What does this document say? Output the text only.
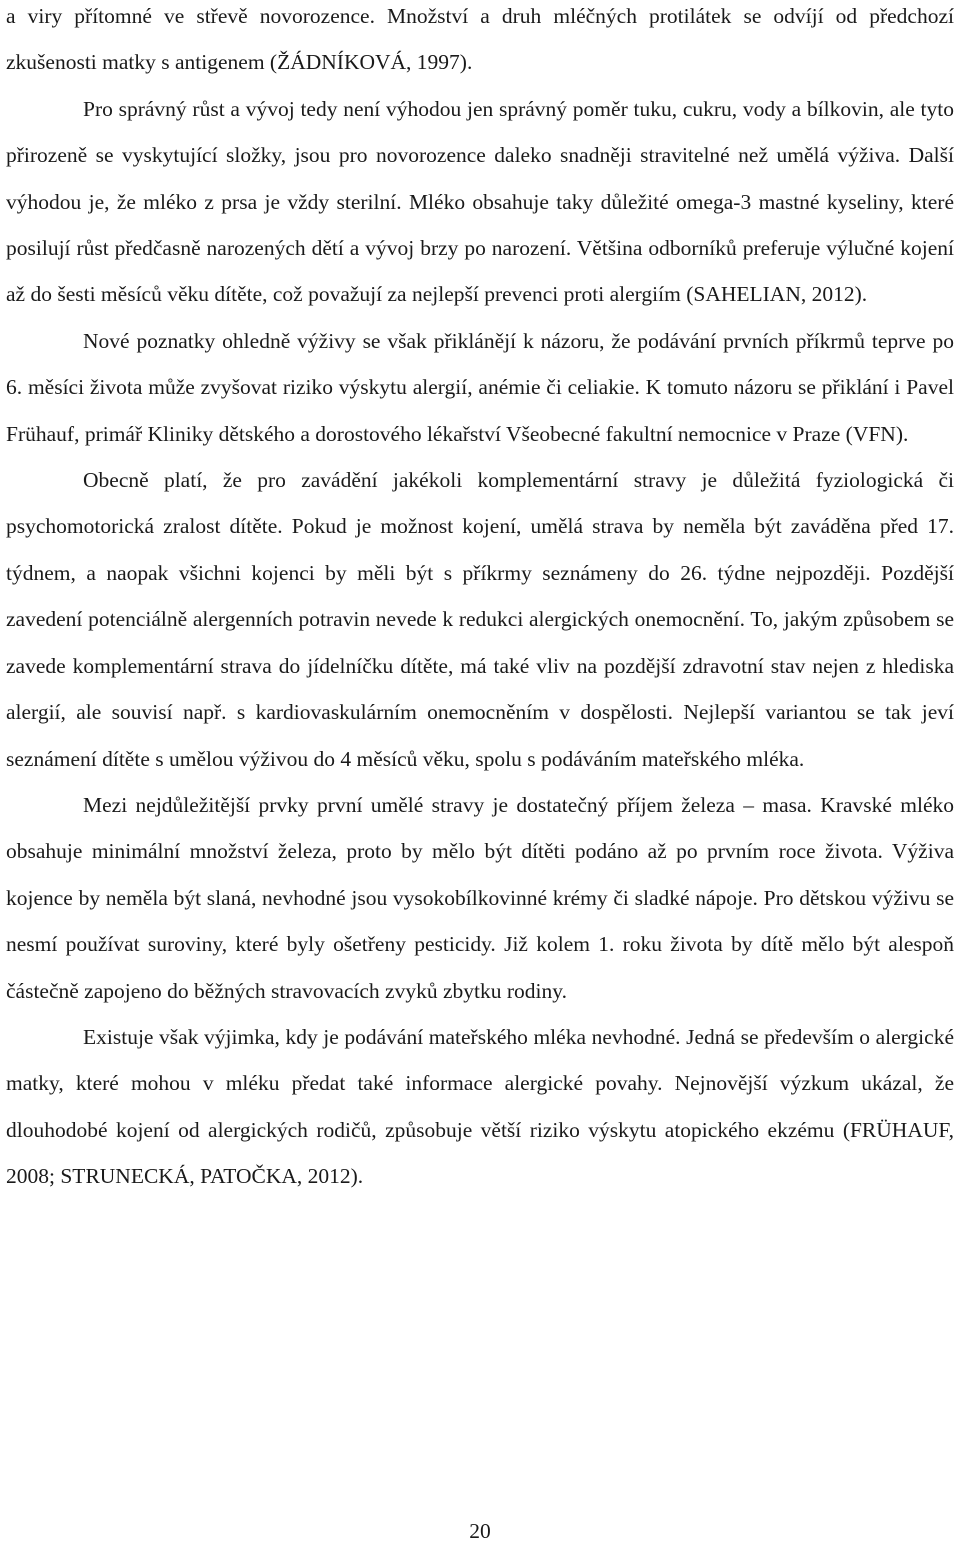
a viry přítomné ve střevě novorozence. Množství a druh mléčných protilátek se odvíjí od předchozí zkušenosti matky s antigenem (ŽÁDNÍKOVÁ, 1997).

Pro správný růst a vývoj tedy není výhodou jen správný poměr tuku, cukru, vody a bílkovin, ale tyto přirozeně se vyskytující složky, jsou pro novorozence daleko snadněji stravitelné než umělá výživa. Další výhodou je, že mléko z prsa je vždy sterilní. Mléko obsahuje taky důležité omega-3 mastné kyseliny, které posilují růst předčasně narozených dětí a vývoj brzy po narození. Většina odborníků preferuje výlučné kojení až do šesti měsíců věku dítěte, což považují za nejlepší prevenci proti alergiím (SAHELIAN, 2012).

Nové poznatky ohledně výživy se však přiklánějí k názoru, že podávání prvních příkrmů teprve po 6. měsíci života může zvyšovat riziko výskytu alergií, anémie či celiakie. K tomuto názoru se přiklání i Pavel Frühauf, primář Kliniky dětského a dorostového lékařství Všeobecné fakultní nemocnice v Praze (VFN).

Obecně platí, že pro zavádění jakékoli komplementární stravy je důležitá fyziologická či psychomotorická zralost dítěte. Pokud je možnost kojení, umělá strava by neměla být zaváděna před 17. týdnem, a naopak všichni kojenci by měli být s příkrmy seznámeny do 26. týdne nejpozději. Pozdější zavedení potenciálně alergenních potravin nevede k redukci alergických onemocnění. To, jakým způsobem se zavede komplementární strava do jídelníčku dítěte, má také vliv na pozdější zdravotní stav nejen z hlediska alergií, ale souvisí např. s kardiovaskulárním onemocněním v dospělosti. Nejlepší variantou se tak jeví seznámení dítěte s umělou výživou do 4 měsíců věku, spolu s podáváním mateřského mléka.

Mezi nejdůležitější prvky první umělé stravy je dostatečný příjem železa – masa. Kravské mléko obsahuje minimální množství železa, proto by mělo být dítěti podáno až po prvním roce života. Výživa kojence by neměla být slaná, nevhodné jsou vysokobílkovinné krémy či sladké nápoje. Pro dětskou výživu se nesmí používat suroviny, které byly ošetřeny pesticidy. Již kolem 1. roku života by dítě mělo být alespoň částečně zapojeno do běžných stravovacích zvyků zbytku rodiny.

Existuje však výjimka, kdy je podávání mateřského mléka nevhodné. Jedná se především o alergické matky, které mohou v mléku předat také informace alergické povahy. Nejnovější výzkum ukázal, že dlouhodobé kojení od alergických rodičů, způsobuje větší riziko výskytu atopického ekzému (FRÜHAUF, 2008; STRUNECKÁ, PATOČKA, 2012).

20
